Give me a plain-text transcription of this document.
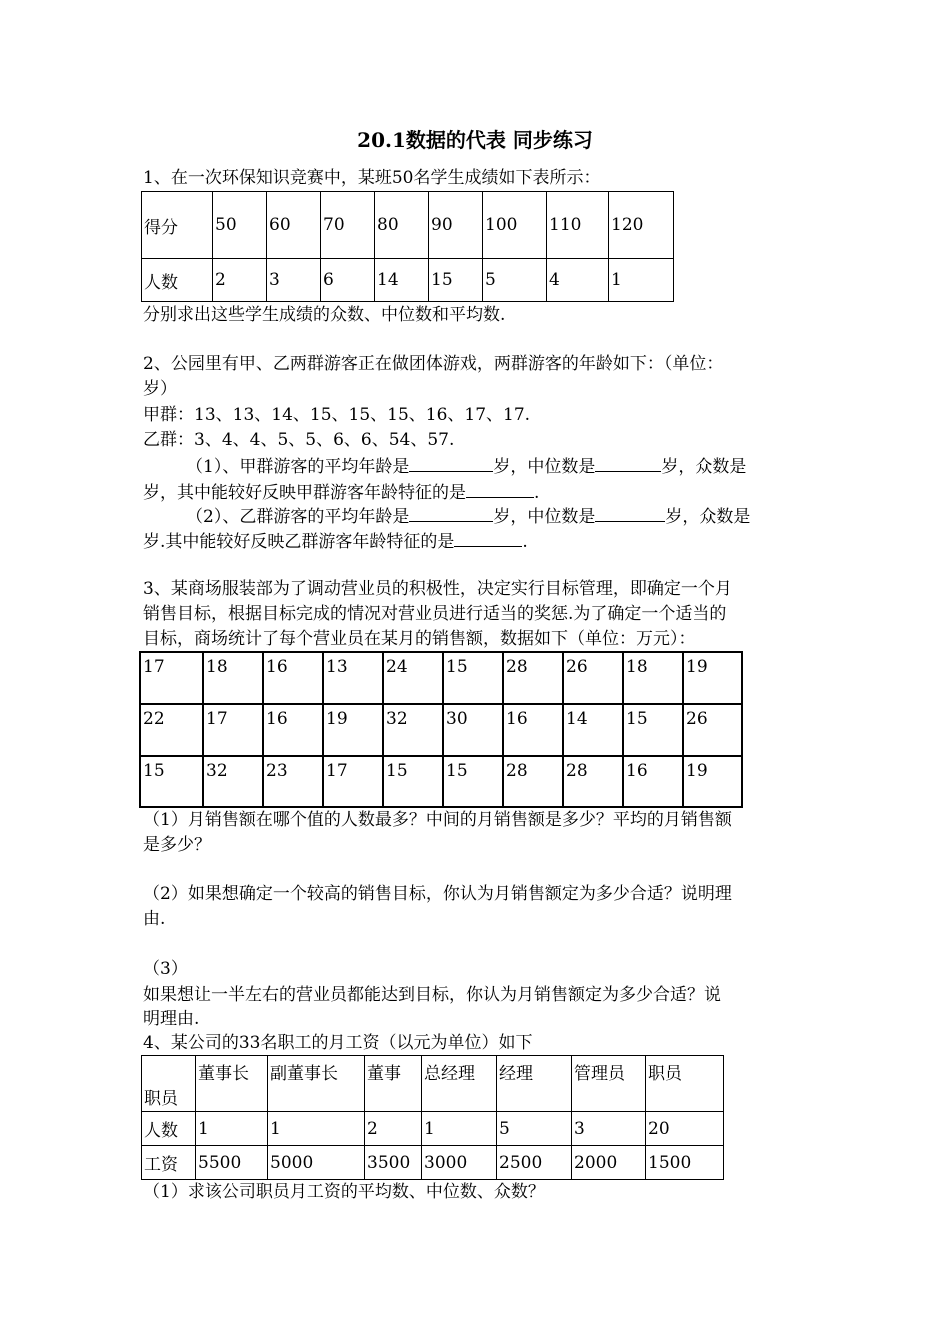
20.1数据的代表 同步练习
1、在一次环保知识竞赛中，某班50名学生成绩如下表所示：
得分	50	60	70	80	90	100	110	120
人数	2	3	6	14	15	5	4	1
分别求出这些学生成绩的众数、中位数和平均数.
2、公园里有甲、乙两群游客正在做团体游戏，两群游客的年龄如下：（单位：
岁）
甲群：13、13、14、15、15、15、16、17、17.
乙群：3、4、4、5、5、6、6、54、57.
（1）、甲群游客的平均年龄是	岁，中位数是	岁，众数是
岁，其中能较好反映甲群游客年龄特征的是	.
（2）、乙群游客的平均年龄是	岁，中位数是	岁，众数是
岁.其中能较好反映乙群游客年龄特征的是	.
3、某商场服装部为了调动营业员的积极性，决定实行目标管理，即确定一个月
销售目标，根据目标完成的情况对营业员进行适当的奖惩.为了确定一个适当的
目标，商场统计了每个营业员在某月的销售额，数据如下（单位：万元）：
17	18	16	13	24	15	28	26	18	19
22	17	16	19	32	30	16	14	15	26
15	32	23	17	15	15	28	28	16	19
（1）月销售额在哪个值的人数最多？中间的月销售额是多少？平均的月销售额
是多少？
（2）如果想确定一个较高的销售目标，你认为月销售额定为多少合适？说明理
由.
（3）
如果想让一半左右的营业员都能达到目标，你认为月销售额定为多少合适？说
明理由.
4、某公司的33名职工的月工资（以元为单位）如下
职员	董事长	副董事长	董事	总经理	经理	管理员	职员
人数	1	1	2	1	5	3	20
工资	5500	5000	3500	3000	2500	2000	1500
（1）求该公司职员月工资的平均数、中位数、众数？
